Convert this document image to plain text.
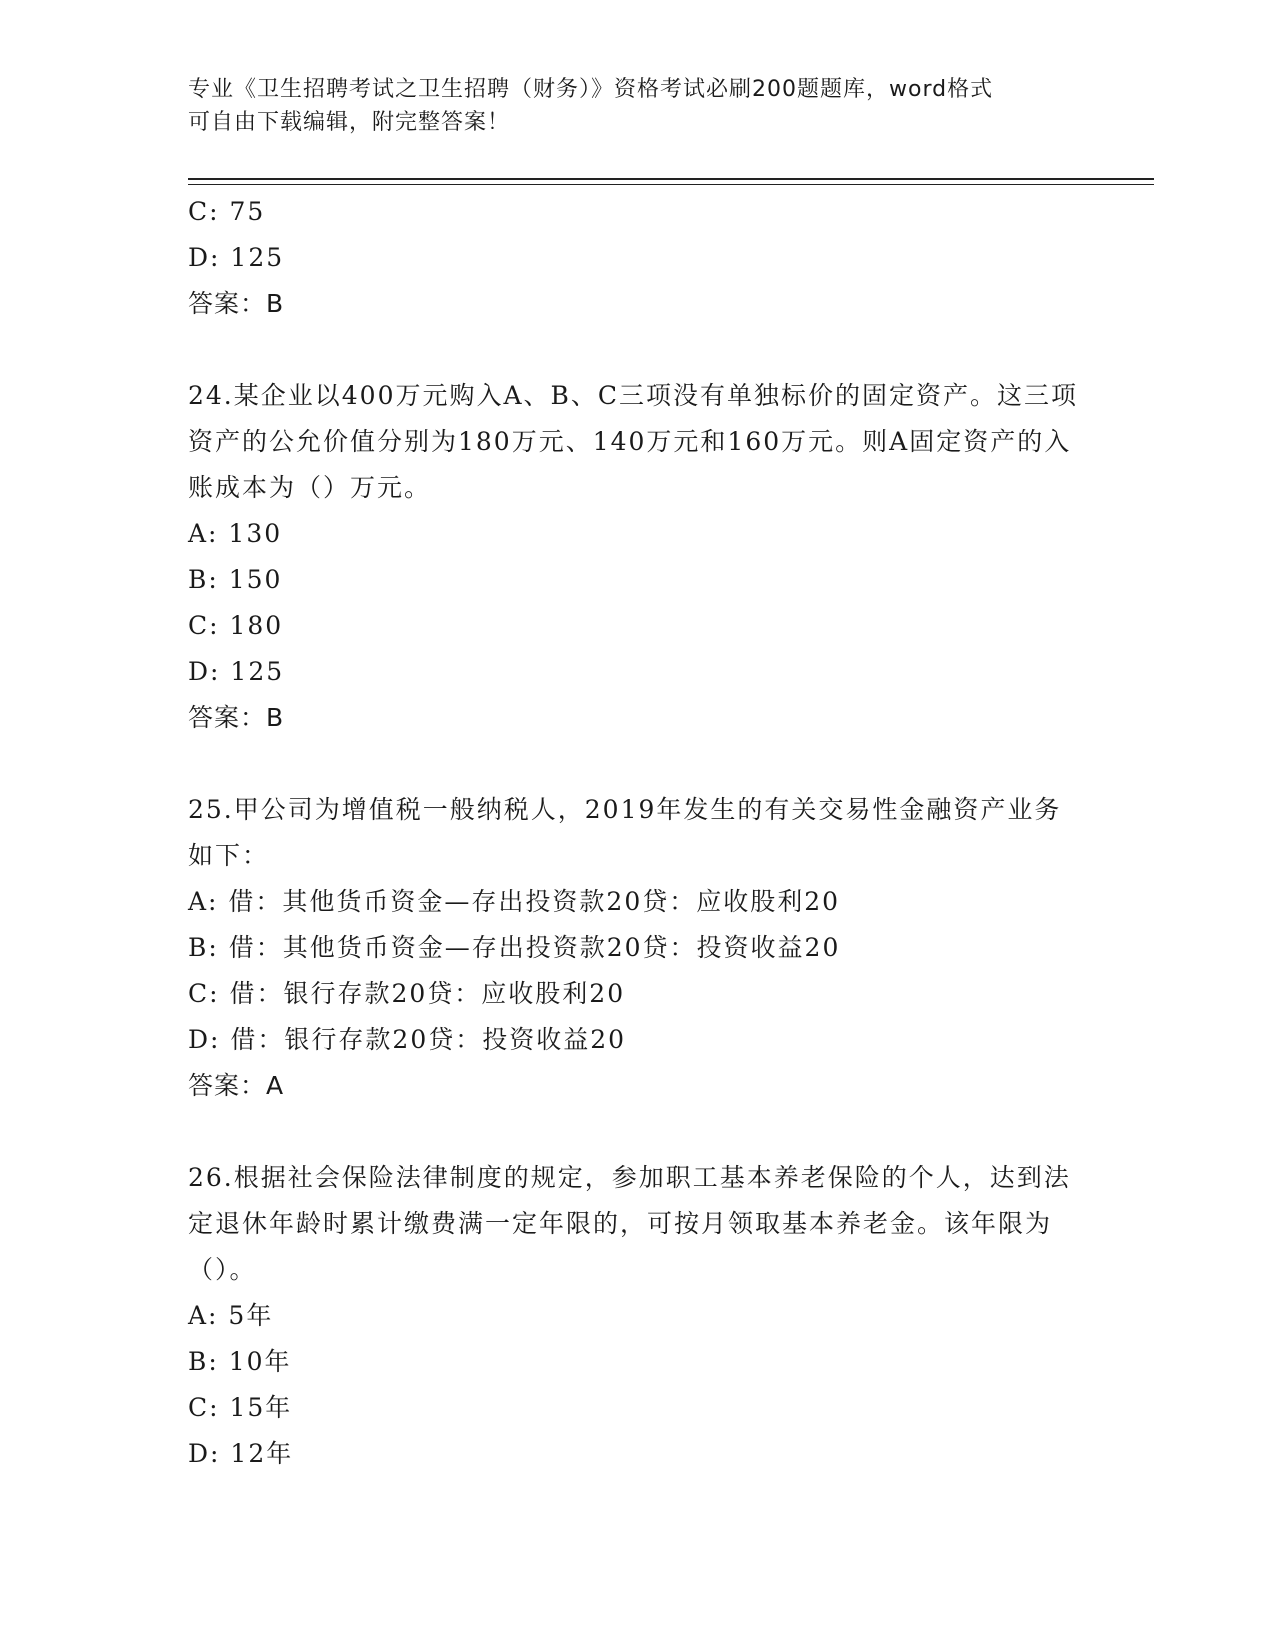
专业《卫生招聘考试之卫生招聘（财务）》资格考试必刷200题题库，word格式
可自由下载编辑，附完整答案！
C: 75
D: 125
答案：B
24.某企业以400万元购入A、B、C三项没有单独标价的固定资产。这三项资产的公允价值分别为180万元、140万元和160万元。则A固定资产的入账成本为（）万元。
A: 130
B: 150
C: 180
D: 125
答案：B
25.甲公司为增值税一般纳税人，2019年发生的有关交易性金融资产业务如下：
A: 借：其他货币资金—存出投资款20贷：应收股利20
B: 借：其他货币资金—存出投资款20贷：投资收益20
C: 借：银行存款20贷：应收股利20
D: 借：银行存款20贷：投资收益20
答案：A
26.根据社会保险法律制度的规定，参加职工基本养老保险的个人，达到法定退休年龄时累计缴费满一定年限的，可按月领取基本养老金。该年限为（）。
A: 5年
B: 10年
C: 15年
D: 12年
